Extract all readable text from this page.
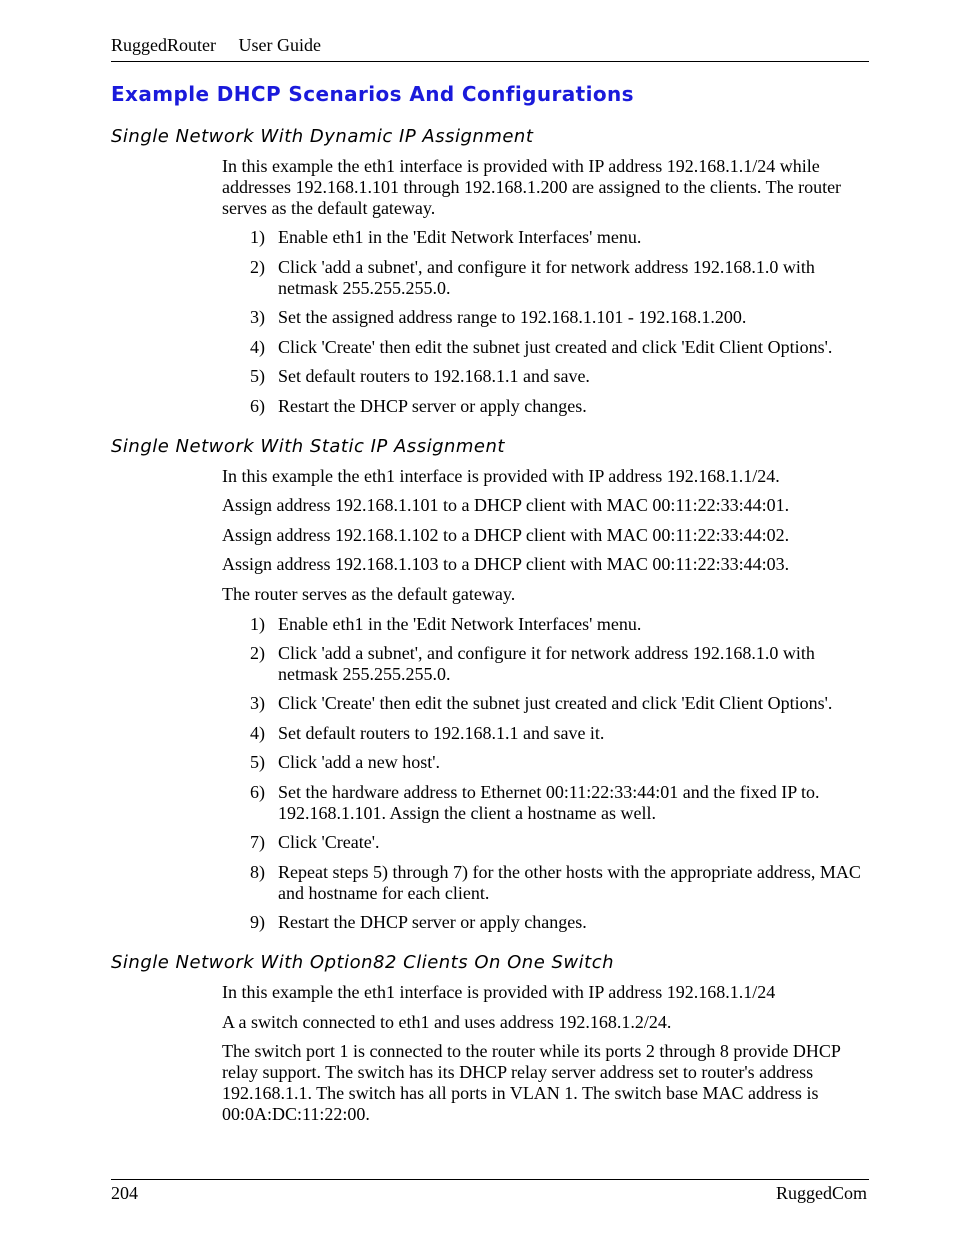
RuggedRouter     User Guide
Example DHCP Scenarios And Configurations
Single Network With Dynamic IP Assignment
In this example the eth1 interface is provided with IP address 192.168.1.1/24 while addresses 192.168.1.101 through 192.168.1.200 are assigned to the clients. The router serves as the default gateway.
1) Enable eth1 in the 'Edit Network Interfaces' menu.
2) Click 'add a subnet', and configure it for network address 192.168.1.0 with netmask 255.255.255.0.
3) Set the assigned address range to 192.168.1.101 - 192.168.1.200.
4) Click 'Create' then edit the subnet just created and click 'Edit Client Options'.
5) Set default routers to 192.168.1.1 and save.
6) Restart the DHCP server or apply changes.
Single Network With Static IP Assignment
In this example the eth1 interface is provided with IP address 192.168.1.1/24.
Assign address 192.168.1.101 to a DHCP client with MAC 00:11:22:33:44:01.
Assign address 192.168.1.102 to a DHCP client with MAC 00:11:22:33:44:02.
Assign address 192.168.1.103 to a DHCP client with MAC 00:11:22:33:44:03.
The router serves as the default gateway.
1) Enable eth1 in the 'Edit Network Interfaces' menu.
2) Click 'add a subnet', and configure it for network address 192.168.1.0 with netmask 255.255.255.0.
3) Click 'Create' then edit the subnet just created and click 'Edit Client Options'.
4) Set default routers to 192.168.1.1 and save it.
5) Click 'add a new host'.
6) Set the hardware address to Ethernet 00:11:22:33:44:01 and the fixed IP to. 192.168.1.101. Assign the client a hostname as well.
7) Click 'Create'.
8) Repeat steps 5) through 7) for the other hosts with the appropriate address, MAC and hostname for each client.
9) Restart the DHCP server or apply changes.
Single Network With Option82 Clients On One Switch
In this example the eth1 interface is provided with IP address 192.168.1.1/24
A a switch connected to eth1 and uses address 192.168.1.2/24.
The switch port 1 is connected to the router while its ports 2 through 8 provide DHCP relay support. The switch has its DHCP relay server address set to router's address 192.168.1.1. The switch has all ports in VLAN 1. The switch base MAC address is 00:0A:DC:11:22:00.
204	RuggedCom
